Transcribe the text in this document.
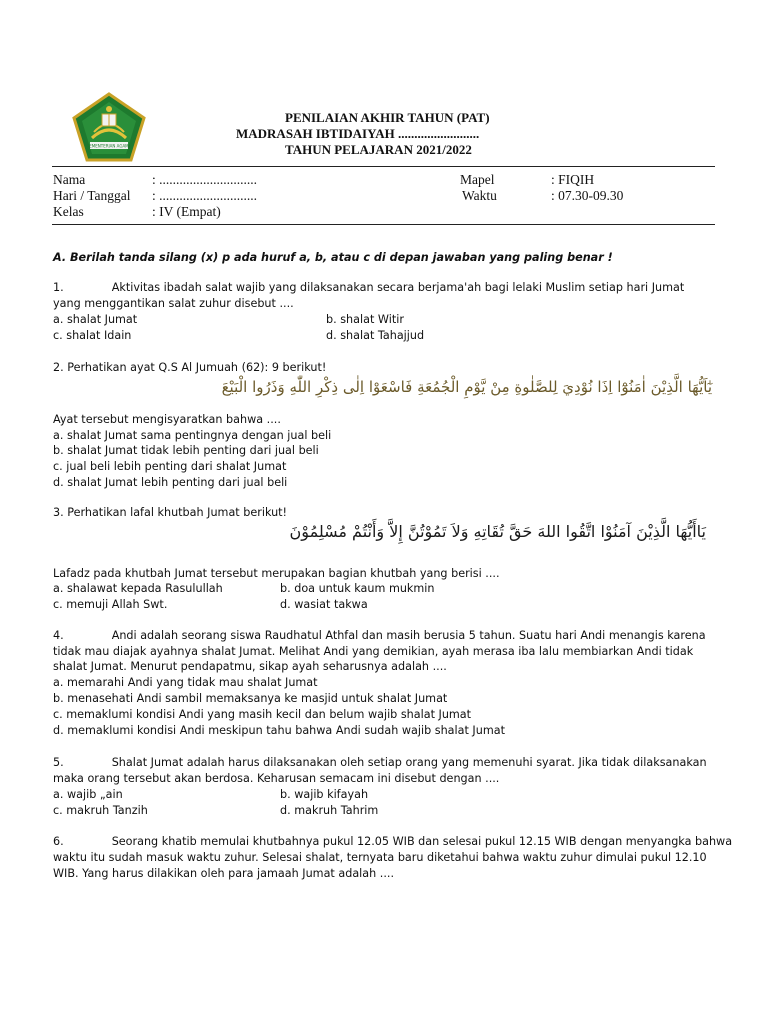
KEMENTERIAN AGAMA
PENILAIAN AKHIR TAHUN (PAT)
MADRASAH IBTIDAIYAH .........................
TAHUN PELAJARAN 2021/2022
Nama	: .............................
Hari / Tanggal : .............................
Kelas	: IV (Empat)
Mapel	: FIQIH
Waktu	: 07.30-09.30
A. Berilah tanda silang (x) p ada huruf a, b, atau c di depan jawaban yang paling benar !
1.	Aktivitas ibadah salat wajib yang dilaksanakan secara berjama'ah bagi lelaki Muslim setiap hari Jumat
yang menggantikan salat zuhur disebut ....
a. shalat Jumat	b. shalat Witir
c. shalat Idain	d. shalat Tahajjud
2. Perhatikan ayat Q.S Al Jumuah (62): 9 berikut!
يٰٓاَيُّهَا الَّذِيْنَ اٰمَنُوْٓا اِذَا نُوْدِيَ لِلصَّلٰوةِ مِنْ يَّوْمِ الْجُمُعَةِ فَاسْعَوْا اِلٰى ذِكْرِ اللّٰهِ وَذَرُوا الْبَيْعَ
Ayat tersebut mengisyaratkan bahwa ....
a. shalat Jumat sama pentingnya dengan jual beli
b. shalat Jumat tidak lebih penting dari jual beli
c. jual beli lebih penting dari shalat Jumat
d. shalat Jumat lebih penting dari jual beli
3. Perhatikan lafal khutbah Jumat berikut!
يَاأَيُّهَا الَّذِيْنَ آمَنُوْا اتَّقُوا اللهَ حَقَّ تُقَاتِهِ وَلاَ تَمُوْتُنَّ إِلاَّ وَأَنْتُمْ مُسْلِمُوْنَ
Lafadz pada khutbah Jumat tersebut merupakan bagian khutbah yang berisi ....
a. shalawat kepada Rasulullah	b. doa untuk kaum mukmin
c. memuji Allah Swt.	d. wasiat takwa
4.	Andi adalah seorang siswa Raudhatul Athfal dan masih berusia 5 tahun. Suatu hari Andi menangis karena
tidak mau diajak ayahnya shalat Jumat. Melihat Andi yang demikian, ayah merasa iba lalu membiarkan Andi tidak
shalat Jumat. Menurut pendapatmu, sikap ayah seharusnya adalah ....
a. memarahi Andi yang tidak mau shalat Jumat
b. menasehati Andi sambil memaksanya ke masjid untuk shalat Jumat
c. memaklumi kondisi Andi yang masih kecil dan belum wajib shalat Jumat
d. memaklumi kondisi Andi meskipun tahu bahwa Andi sudah wajib shalat Jumat
5.	Shalat Jumat adalah harus dilaksanakan oleh setiap orang yang memenuhi syarat. Jika tidak dilaksanakan
maka orang tersebut akan berdosa. Keharusan semacam ini disebut dengan ....
a. wajib „ain	b. wajib kifayah
c. makruh Tanzih	d. makruh Tahrim
6.	Seorang khatib memulai khutbahnya pukul 12.05 WIB dan selesai pukul 12.15 WIB dengan menyangka bahwa
waktu itu sudah masuk waktu zuhur. Selesai shalat, ternyata baru diketahui bahwa waktu zuhur dimulai pukul 12.10
WIB. Yang harus dilakikan oleh para jamaah Jumat adalah ....
